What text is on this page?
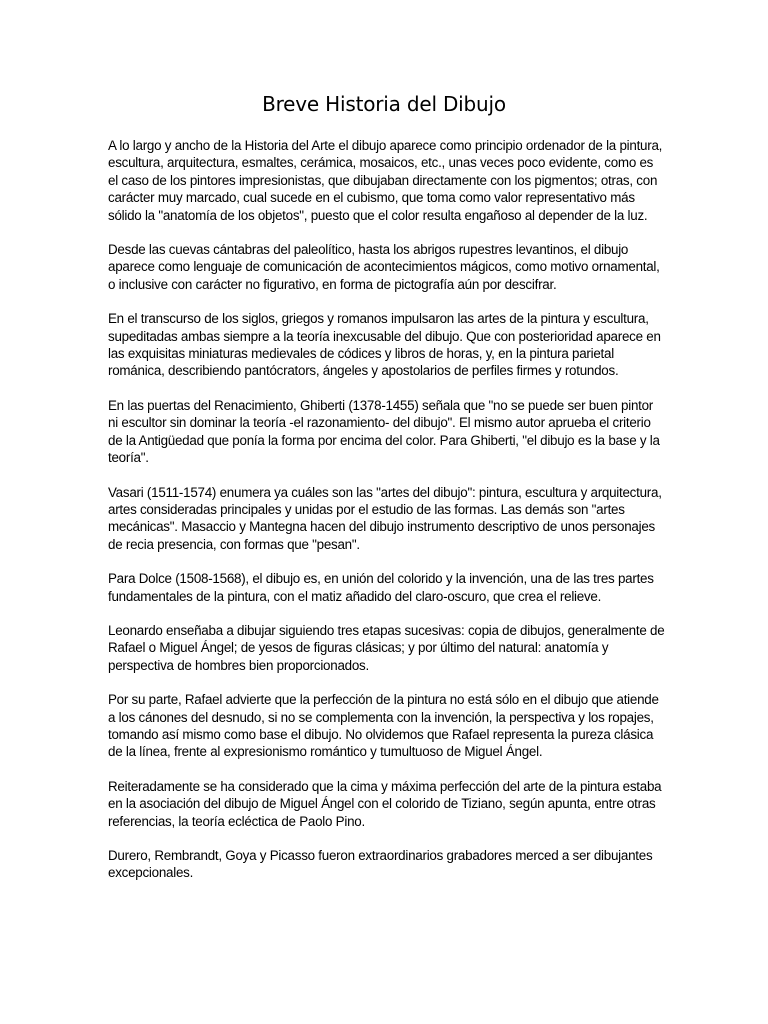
Breve Historia del Dibujo

A lo largo y ancho de la Historia del Arte el dibujo aparece como principio ordenador de la pintura, escultura, arquitectura, esmaltes, cerámica, mosaicos, etc., unas veces poco evidente, como es el caso de los pintores impresionistas, que dibujaban directamente con los pigmentos; otras, con carácter muy marcado, cual sucede en el cubismo, que toma como valor representativo más sólido la "anatomía de los objetos", puesto que el color resulta engañoso al depender de la luz.

Desde las cuevas cántabras del paleolítico, hasta los abrigos rupestres levantinos, el dibujo aparece como lenguaje de comunicación de acontecimientos mágicos, como motivo ornamental, o inclusive con carácter no figurativo, en forma de pictografía aún por descifrar.

En el transcurso de los siglos, griegos y romanos impulsaron las artes de la pintura y escultura, supeditadas ambas siempre a la teoría inexcusable del dibujo. Que con posterioridad aparece en las exquisitas miniaturas medievales de códices y libros de horas, y, en la pintura parietal románica, describiendo pantócrators, ángeles y apostolarios de perfiles firmes y rotundos.

En las puertas del Renacimiento, Ghiberti (1378-1455) señala que "no se puede ser buen pintor ni escultor sin dominar la teoría -el razonamiento- del dibujo". El mismo autor aprueba el criterio de la Antigüedad que ponía la forma por encima del color. Para Ghiberti, "el dibujo es la base y la teoría".

Vasari (1511-1574) enumera ya cuáles son las "artes del dibujo": pintura, escultura y arquitectura, artes consideradas principales y unidas por el estudio de las formas. Las demás son "artes mecánicas". Masaccio y Mantegna hacen del dibujo instrumento descriptivo de unos personajes de recia presencia, con formas que "pesan".

Para Dolce (1508-1568), el dibujo es, en unión del colorido y la invención, una de las tres partes fundamentales de la pintura, con el matiz añadido del claro-oscuro, que crea el relieve.

Leonardo enseñaba a dibujar siguiendo tres etapas sucesivas: copia de dibujos, generalmente de Rafael o Miguel Ángel; de yesos de figuras clásicas; y por último del natural: anatomía y perspectiva de hombres bien proporcionados.

Por su parte, Rafael advierte que la perfección de la pintura no está sólo en el dibujo que atiende a los cánones del desnudo, si no se complementa con la invención, la perspectiva y los ropajes, tomando así mismo como base el dibujo. No olvidemos que Rafael representa la pureza clásica de la línea, frente al expresionismo romántico y tumultuoso de Miguel Ángel.

Reiteradamente se ha considerado que la cima y máxima perfección del arte de la pintura estaba en la asociación del dibujo de Miguel Ángel con el colorido de Tiziano, según apunta, entre otras referencias, la teoría ecléctica de Paolo Pino.

Durero, Rembrandt, Goya y Picasso fueron extraordinarios grabadores merced a ser dibujantes excepcionales.
